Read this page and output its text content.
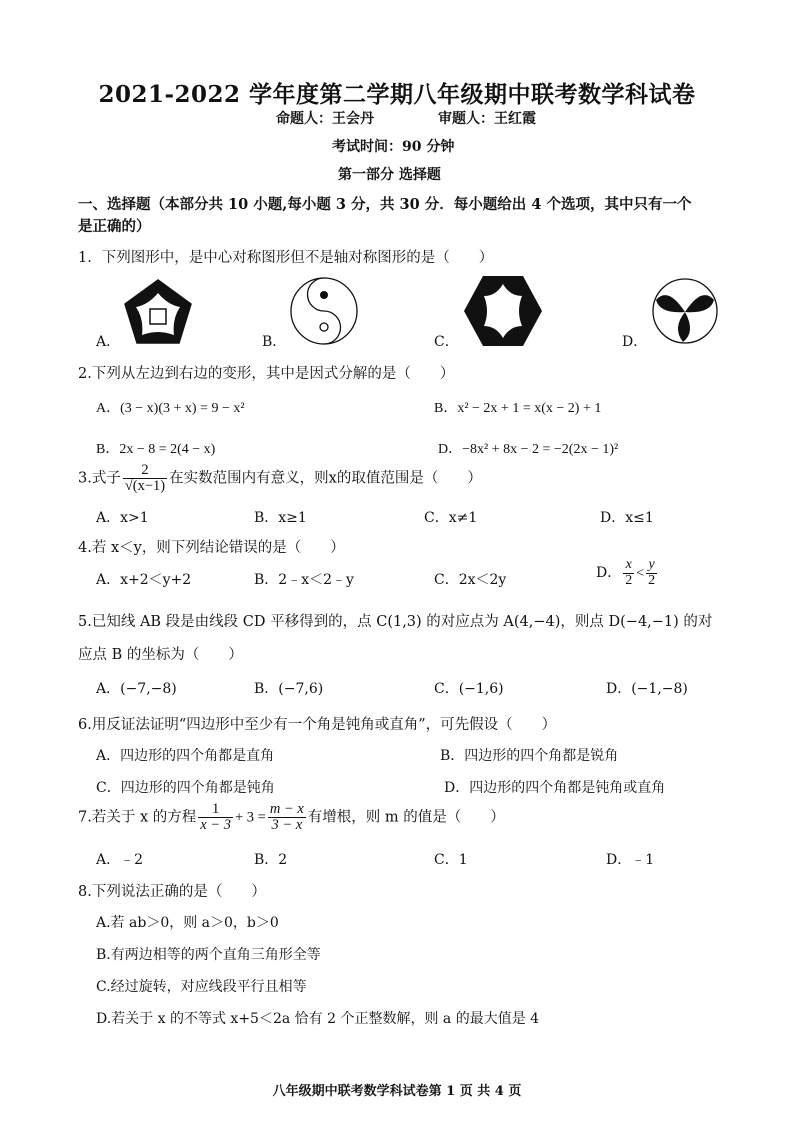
2021-2022 学年度第二学期八年级期中联考数学科试卷
命题人：王会丹	审题人：王红霞
考试时间：90 分钟
第一部分 选择题
一、选择题（本部分共 10 小题,每小题 3 分，共 30 分．每小题给出 4 个选项，其中只有一个
是正确的）
1．下列图形中，是中心对称图形但不是轴对称图形的是（　　）
A．	B．	C．	D．
2.下列从左边到右边的变形，其中是因式分解的是（　　）
A．(3 − x)(3 + x) = 9 − x²	B．x² − 2x + 1 = x(x − 2) + 1
B．2x − 8 = 2(4 − x)	D．−8x² + 8x − 2 = −2(2x − 1)²
3.式子 $\frac{2}{√(x-1)}$ 在实数范围内有意义，则x的取值范围是（　　）
A．x>1	B．x≥1	C．x≠1	D．x≤1
4.若 x＜y，则下列结论错误的是（　　）
A．x+2＜y+2	B．2﹣x＜2﹣y	C．2x＜2y	D． $\frac{x}{2} < \frac{y}{2}$
5.已知线 AB 段是由线段 CD 平移得到的，点 C(1,3) 的对应点为 A(4,−4)，则点 D(−4,−1) 的对
应点 B 的坐标为（　　）
A．(−7,−8)	B．(−7,6)	C．(−1,6)	D．(−1,−8)
6.用反证法证明“四边形中至少有一个角是钝角或直角”，可先假设（　　）
A．四边形的四个角都是直角	B．四边形的四个角都是锐角
C．四边形的四个角都是钝角	D．四边形的四个角都是钝角或直角
7.若关于 x 的方程 $\frac{1}{x - 3} + 3 = \frac{m - x}{3 - x}$ 有增根，则 m 的值是（　　）
A．﹣2	B．2	C．1	D．﹣1
8.下列说法正确的是（　　）
A.若 ab＞0，则 a＞0，b＞0
B.有两边相等的两个直角三角形全等
C.经过旋转，对应线段平行且相等
D.若关于 x 的不等式 x+5＜2a 恰有 2 个正整数解，则 a 的最大值是 4
八年级期中联考数学科试卷第 1 页 共 4 页
